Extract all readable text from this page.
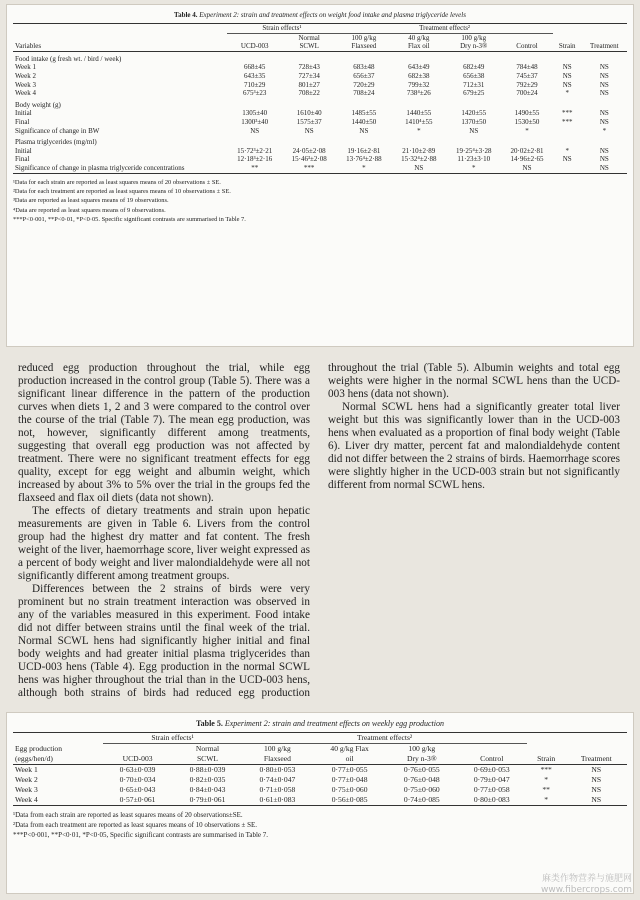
Table 4. Experiment 2: strain and treatment effects on weight food intake and plasma triglyceride levels
	Strain effects¹		Treatment effects²					
		Normal	100 g/kg	40 g/kg	100 g/kg			
Variables	UCD-003	SCWL	Flaxseed	Flax oil	Dry n-3®	Control	Strain	Treatment
Food intake (g fresh wt. / bird / week)								
Week 1	668±45	728±43	683±48	643±49	682±49	784±48	NS	NS
Week 2	643±35	727±34	656±37	682±38	656±38	745±37	NS	NS
Week 3	710±29	801±27	720±29	799±32	712±31	792±29	NS	NS
Week 4	675³±23	708±22	708±24	738⁴±26	679±25	700±24	*	NS
Body weight (g)								
Initial	1305±40	1610±40	1485±55	1440±55	1420±55	1490±55	***	NS
Final	1300³±40	1575±37	1440±50	1410⁴±55	1370±50	1530±50	***	NS
Significance of change in BW	NS	NS	NS	*	NS	*		*
Plasma triglycerides (mg/ml)								
Initial	15·72³±2·21	24·05±2·08	19·16±2·81	21·10±2·89	19·25⁴±3·28	20·02±2·81	*	NS
Final	12·18³±2·16	15·46³±2·08	13·76⁴±2·88	15·32⁴±2·88	11·23±3·10	14·96±2·65	NS	NS
Significance of change in plasma triglyceride concentrations	**	***	*	NS	*	NS		NS
¹Data for each strain are reported as least squares means of 20 observations ± SE.
²Data for each treatment are reported as least squares means of 10 observations ± SE.
³Data are reported as least squares means of 19 observations.
⁴Data are reported as least squares means of 9 observations.
***P<0·001, **P<0·01, *P<0·05. Specific significant contrasts are summarised in Table 7.

reduced egg production throughout the trial, while egg production increased in the control group (Table 5). There was a significant linear difference in the pattern of the production curves when diets 1, 2 and 3 were compared to the control over the course of the trial (Table 7). The mean egg production, was not, however, significantly different among treatments, suggesting that overall egg production was not affected by treatment. There were no significant treatment effects for egg quality, except for egg weight and albumin weight, which increased by about 3% to 5% over the trial in the groups fed the flaxseed and flax oil diets (data not shown).

The effects of dietary treatments and strain upon hepatic measurements are given in Table 6. Livers from the control group had the highest dry matter and fat content. The fresh weight of the liver, haemorrhage score, liver weight expressed as a percent of body weight and liver malondialdehyde were all not significantly different among treatment groups.

Differences between the 2 strains of birds were very prominent but no strain treatment interaction was observed in any of the variables measured in this experiment. Food intake did not differ between strains until the final week of the trial. Normal SCWL hens had significantly higher initial and final body weights and had greater initial plasma triglycerides than UCD-003 hens (Table 4). Egg production in the normal SCWL hens was higher throughout the trial than in the UCD-003 hens, although both strains of birds had reduced egg production throughout the trial (Table 5). Albumin weights and total egg weights were higher in the normal SCWL hens than the UCD-003 hens (data not shown).

Normal SCWL hens had a significantly greater total liver weight but this was significantly lower than in the UCD-003 hens when evaluated as a proportion of final body weight (Table 6). Liver dry matter, percent fat and malondialdehyde content did not differ between the 2 strains of birds. Haemorrhage scores were slightly higher in the UCD-003 strain but not significantly different from normal SCWL hens.

Table 5. Experiment 2: strain and treatment effects on weekly egg production
	Strain effects¹		Treatment effects²					
Egg production		Normal	100 g/kg	40 g/kg Flax	100 g/kg			
(eggs/hen/d)	UCD-003	SCWL	Flaxseed	oil	Dry n-3®	Control	Strain	Treatment
Week 1	0·63±0·039	0·88±0·039	0·80±0·053	0·77±0·055	0·76±0·055	0·69±0·053	***	NS
Week 2	0·70±0·034	0·82±0·035	0·74±0·047	0·77±0·048	0·76±0·048	0·79±0·047	*	NS
Week 3	0·65±0·043	0·84±0·043	0·71±0·058	0·75±0·060	0·75±0·060	0·77±0·058	**	NS
Week 4	0·57±0·061	0·79±0·061	0·61±0·083	0·56±0·085	0·74±0·085	0·80±0·083	*	NS
¹Data from each strain are reported as least squares means of 20 observations±SE.
²Data from each treatment are reported as least squares means of 10 observations ± SE.
***P<0·001, **P<0·01, *P<0·05, Specific significant contrasts are summarised in Table 7.
麻类作物营养与施肥网
www.fibercrops.com
